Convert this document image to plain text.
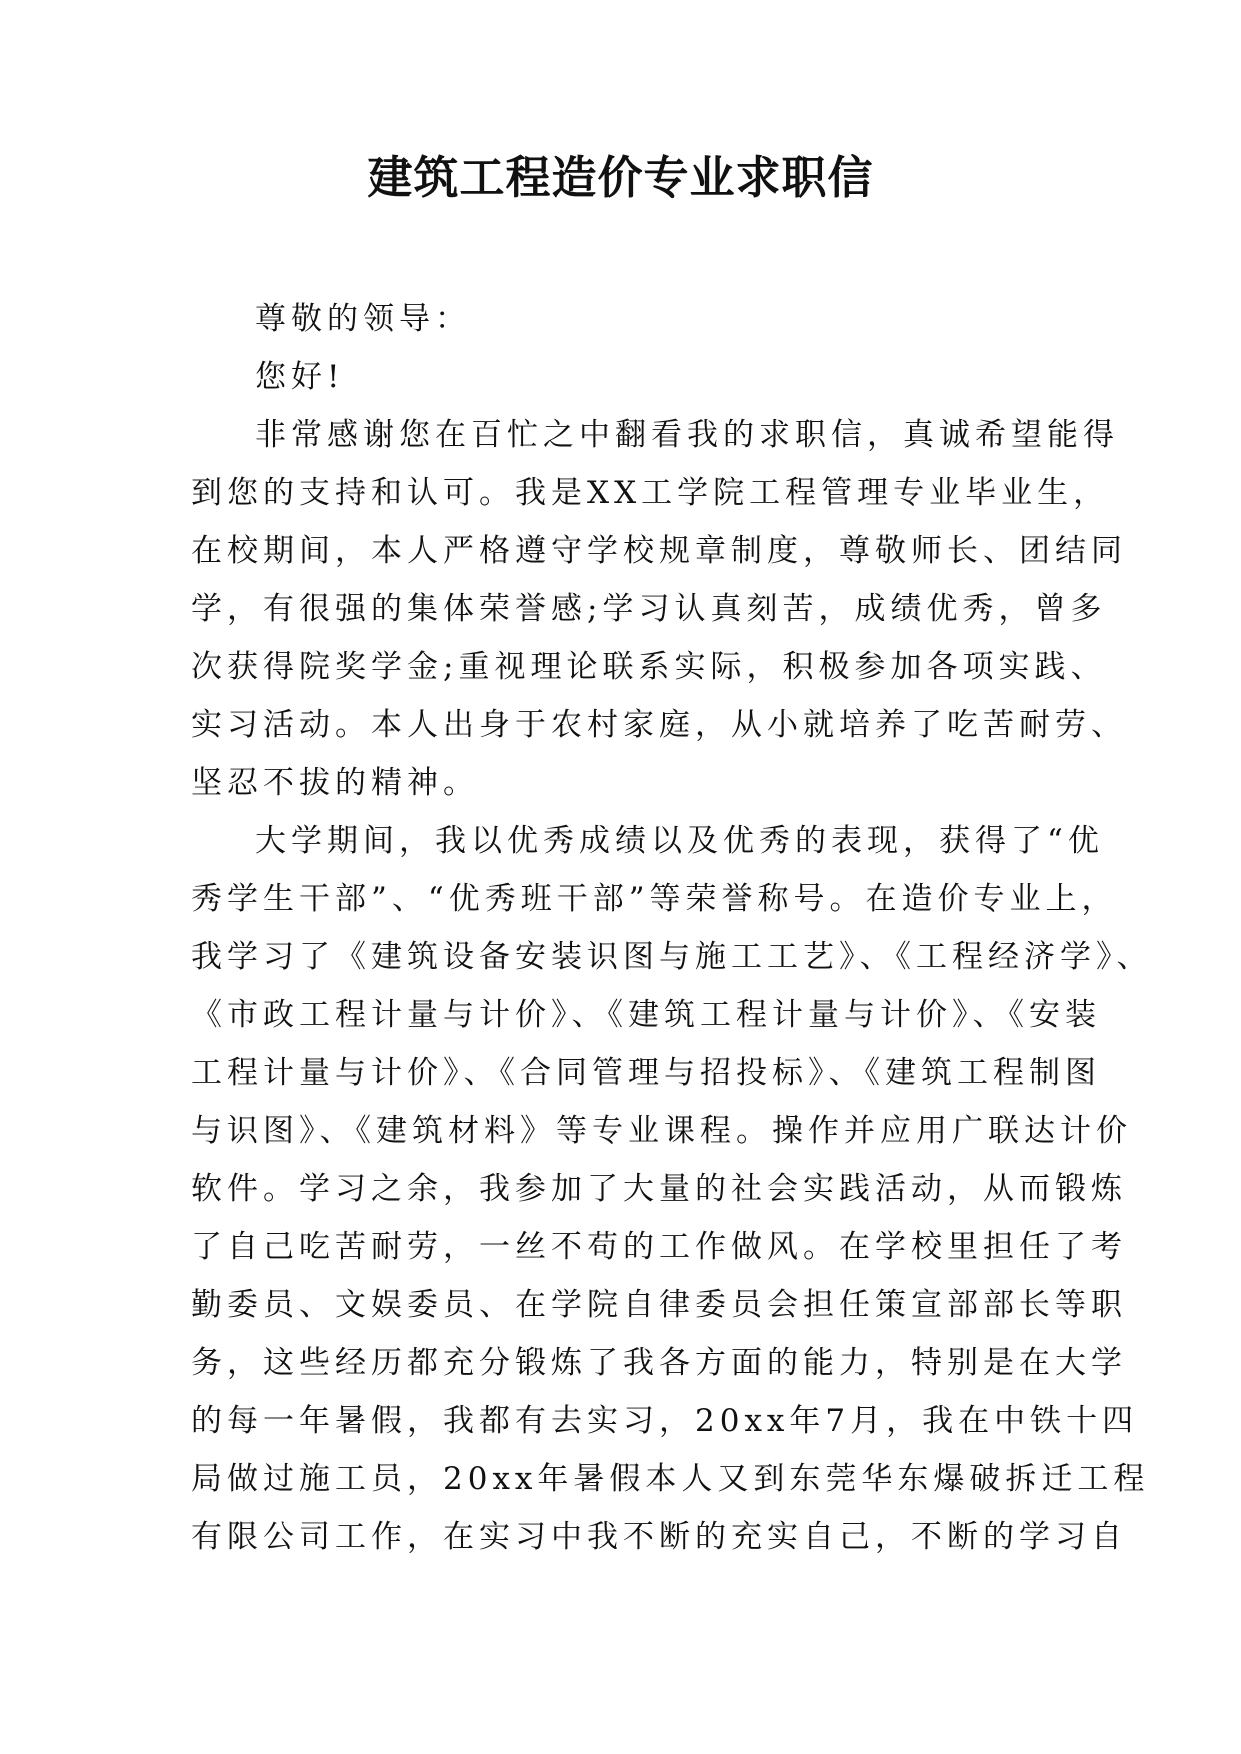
建筑工程造价专业求职信
尊敬的领导：
您好!
非常感谢您在百忙之中翻看我的求职信，真诚希望能得
到您的支持和认可。我是XX工学院工程管理专业毕业生，
在校期间，本人严格遵守学校规章制度，尊敬师长、团结同
学，有很强的集体荣誉感;学习认真刻苦，成绩优秀，曾多
次获得院奖学金;重视理论联系实际，积极参加各项实践、
实习活动。本人出身于农村家庭，从小就培养了吃苦耐劳、
坚忍不拔的精神。
大学期间，我以优秀成绩以及优秀的表现，获得了“优
秀学生干部”、“优秀班干部”等荣誉称号。在造价专业上，
我学习了《建筑设备安装识图与施工工艺》、《工程经济学》、
《市政工程计量与计价》、《建筑工程计量与计价》、《安装
工程计量与计价》、《合同管理与招投标》、《建筑工程制图
与识图》、《建筑材料》等专业课程。操作并应用广联达计价
软件。学习之余，我参加了大量的社会实践活动，从而锻炼
了自己吃苦耐劳，一丝不苟的工作做风。在学校里担任了考
勤委员、文娱委员、在学院自律委员会担任策宣部部长等职
务，这些经历都充分锻炼了我各方面的能力，特别是在大学
的每一年暑假，我都有去实习，20xx年7月，我在中铁十四
局做过施工员，20xx年暑假本人又到东莞华东爆破拆迁工程
有限公司工作，在实习中我不断的充实自己，不断的学习自
